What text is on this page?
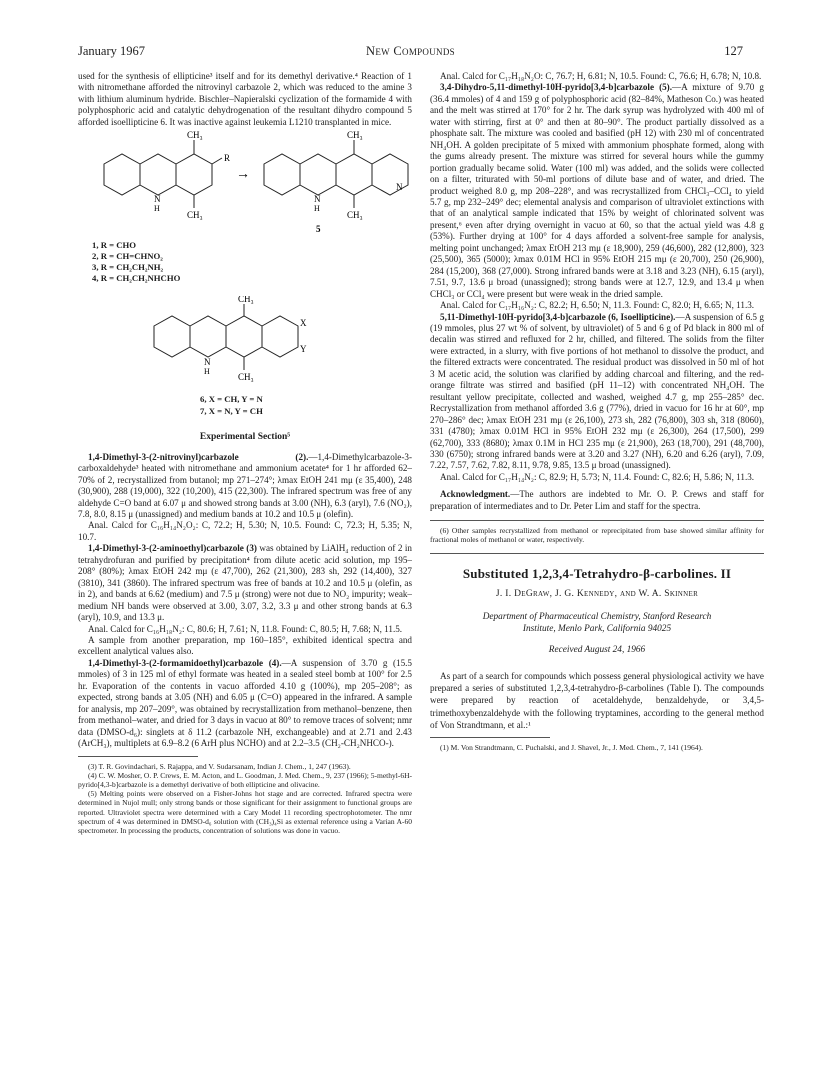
January 1967	New Compounds	127

used for the synthesis of ellipticine³ itself and for its demethyl derivative.⁴ Reaction of 1 with nitromethane afforded the nitrovinyl carbazole 2, which was reduced to the amine 3 with lithium aluminum hydride. Bischler–Napieralski cyclization of the formamide 4 with polyphosphoric acid and catalytic dehydrogenation of the resultant dihydro compound 5 afforded isoellipticine 6. It was inactive against leukemia L1210 transplanted in mice.

CH₃
R
N
H
CH₃
→
CH₃
N
H
CH₃
N
5
1, R = CHO
2, R = CH=CHNO₂
3, R = CH₂CH₂NH₂
4, R = CH₂CH₂NHCHO
CH₃
X
Y
N
H
CH₃
6, X = CH, Y = N
7, X = N, Y = CH
Experimental Section⁵

1,4-Dimethyl-3-(2-nitrovinyl)carbazole (2).—1,4-Dimethylcarbazole-3-carboxaldehyde³ heated with nitromethane and ammonium acetate⁴ for 1 hr afforded 62–70% of 2, recrystallized from butanol; mp 271–274°; λmax EtOH 241 mμ (ε 35,400), 248 (30,900), 288 (19,000), 322 (10,200), 415 (22,300). The infrared spectrum was free of any aldehyde C=O band at 6.07 μ and showed strong bands at 3.00 (NH), 6.3 (aryl), 7.6 (NO₂), 7.8, 8.0, 8.15 μ (unassigned) and medium bands at 10.2 and 10.5 μ (olefin).

Anal. Calcd for C₁₆H₁₄N₂O₂: C, 72.2; H, 5.30; N, 10.5. Found: C, 72.3; H, 5.35; N, 10.7.

1,4-Dimethyl-3-(2-aminoethyl)carbazole (3) was obtained by LiAlH₄ reduction of 2 in tetrahydrofuran and purified by precipitation⁴ from dilute acetic acid solution, mp 195–208° (80%); λmax EtOH 242 mμ (ε 47,700), 262 (21,300), 283 sh, 292 (14,400), 327 (3810), 341 (3860). The infrared spectrum was free of bands at 10.2 and 10.5 μ (olefin, as in 2), and bands at 6.62 (medium) and 7.5 μ (strong) were not due to NO₂ impurity; weak–medium NH bands were observed at 3.00, 3.07, 3.2, 3.3 μ and other strong bands at 6.3 (aryl), 10.9, and 13.3 μ.

Anal. Calcd for C₁₆H₁₈N₂: C, 80.6; H, 7.61; N, 11.8. Found: C, 80.5; H, 7.68; N, 11.5.

A sample from another preparation, mp 160–185°, exhibited identical spectra and excellent analytical values also.

1,4-Dimethyl-3-(2-formamidoethyl)carbazole (4).—A suspension of 3.70 g (15.5 mmoles) of 3 in 125 ml of ethyl formate was heated in a sealed steel bomb at 100° for 2.5 hr. Evaporation of the contents in vacuo afforded 4.10 g (100%), mp 205–208°; as expected, strong bands at 3.05 (NH) and 6.05 μ (C=O) appeared in the infrared. A sample for analysis, mp 207–209°, was obtained by recrystallization from methanol–benzene, then from methanol–water, and dried for 3 days in vacuo at 80° to remove traces of solvent; nmr data (DMSO-d₆): singlets at δ 11.2 (carbazole NH, exchangeable) and at 2.71 and 2.43 (ArCH₃), multiplets at 6.9–8.2 (6 ArH plus NCHO) and at 2.2–3.5 (CH₂-CH₂NHCO-).

(3) T. R. Govindachari, S. Rajappa, and V. Sudarsanam, Indian J. Chem., 1, 247 (1963).

(4) C. W. Mosher, O. P. Crews, E. M. Acton, and L. Goodman, J. Med. Chem., 9, 237 (1966); 5-methyl-6H-pyrido[4,3-b]carbazole is a demethyl derivative of both ellipticine and olivacine.

(5) Melting points were observed on a Fisher-Johns hot stage and are corrected. Infrared spectra were determined in Nujol mull; only strong bands or those significant for their assignment to functional groups are reported. Ultraviolet spectra were determined with a Cary Model 11 recording spectrophotometer. The nmr spectrum of 4 was determined in DMSO-d₆ solution with (CH₃)₄Si as external reference using a Varian A-60 spectrometer. In processing the products, concentration of solutions was done in vacuo.

Anal. Calcd for C₁₇H₁₈N₂O: C, 76.7; H, 6.81; N, 10.5. Found: C, 76.6; H, 6.78; N, 10.8.

3,4-Dihydro-5,11-dimethyl-10H-pyrido[3,4-b]carbazole (5).—A mixture of 9.70 g (36.4 mmoles) of 4 and 159 g of polyphosphoric acid (82–84%, Matheson Co.) was heated and the melt was stirred at 170° for 2 hr. The dark syrup was hydrolyzed with 400 ml of water with stirring, first at 0° and then at 80–90°. The product partially dissolved as a phosphate salt. The mixture was cooled and basified (pH 12) with 230 ml of concentrated NH₄OH. A golden precipitate of 5 mixed with ammonium phosphate formed, along with the gums already present. The mixture was stirred for several hours while the gummy portion gradually became solid. Water (100 ml) was added, and the solids were collected on a filter, triturated with 50-ml portions of dilute base and of water, and dried. The product weighed 8.0 g, mp 208–228°, and was recrystallized from CHCl₃–CCl₄ to yield 5.7 g, mp 232–249° dec; elemental analysis and comparison of ultraviolet extinctions with that of an analytical sample indicated that 15% by weight of chlorinated solvent was present,⁶ even after drying overnight in vacuo at 60, so that the actual yield was 4.8 g (53%). Further drying at 100° for 4 days afforded a solvent-free sample for analysis, melting point unchanged; λmax EtOH 213 mμ (ε 18,900), 259 (46,600), 282 (12,800), 323 (25,500), 365 (5000); λmax 0.01M HCl in 95% EtOH 215 mμ (ε 20,700), 250 (26,900), 284 (15,200), 368 (27,000). Strong infrared bands were at 3.18 and 3.23 (NH), 6.15 (aryl), 7.51, 9.7, 13.6 μ broad (unassigned); strong bands were at 12.7, 12.9, and 13.4 μ when CHCl₃ or CCl₄ were present but were weak in the dried sample.

Anal. Calcd for C₁₇H₁₆N₂: C, 82.2; H, 6.50; N, 11.3. Found: C, 82.0; H, 6.65; N, 11.3.

5,11-Dimethyl-10H-pyrido[3,4-b]carbazole (6, Isoellipticine).—A suspension of 6.5 g (19 mmoles, plus 27 wt % of solvent, by ultraviolet) of 5 and 6 g of Pd black in 800 ml of decalin was stirred and refluxed for 2 hr, chilled, and filtered. The solids from the filter were extracted, in a slurry, with five portions of hot methanol to dissolve the product, and the filtered extracts were concentrated. The residual product was dissolved in 50 ml of hot 3 M acetic acid, the solution was clarified by adding charcoal and filtering, and the red-orange filtrate was stirred and basified (pH 11–12) with concentrated NH₄OH. The resultant yellow precipitate, collected and washed, weighed 4.7 g, mp 255–285° dec. Recrystallization from methanol afforded 3.6 g (77%), dried in vacuo for 16 hr at 60°, mp 270–286° dec; λmax EtOH 231 mμ (ε 26,100), 273 sh, 282 (76,800), 303 sh, 318 (8060), 331 (4780); λmax 0.01M HCl in 95% EtOH 232 mμ (ε 26,300), 264 (17,500), 299 (62,700), 333 (8680); λmax 0.1M in HCl 235 mμ (ε 21,900), 263 (18,700), 291 (48,700), 330 (6750); strong infrared bands were at 3.20 and 3.27 (NH), 6.20 and 6.26 (aryl), 7.09, 7.22, 7.57, 7.62, 7.82, 8.11, 9.78, 9.85, 13.5 μ broad (unassigned).

Anal. Calcd for C₁₇H₁₄N₂: C, 82.9; H, 5.73; N, 11.4. Found: C, 82.6; H, 5.86; N, 11.3.

Acknowledgment.—The authors are indebted to Mr. O. P. Crews and staff for preparation of intermediates and to Dr. Peter Lim and staff for the spectra.

(6) Other samples recrystallized from methanol or reprecipitated from base showed similar affinity for fractional moles of methanol or water, respectively.

Substituted 1,2,3,4-Tetrahydro-β-carbolines. II
J. I. DeGraw, J. G. Kennedy, and W. A. Skinner
Department of Pharmaceutical Chemistry, Stanford Research
Institute, Menlo Park, California 94025
Received August 24, 1966

As part of a search for compounds which possess general physiological activity we have prepared a series of substituted 1,2,3,4-tetrahydro-β-carbolines (Table I). The compounds were prepared by reaction of acetaldehyde, benzaldehyde, or 3,4,5-trimethoxybenzaldehyde with the following tryptamines, according to the general method of Von Strandtmann, et al.:¹

(1) M. Von Strandtmann, C. Puchalski, and J. Shavel, Jr., J. Med. Chem., 7, 141 (1964).
